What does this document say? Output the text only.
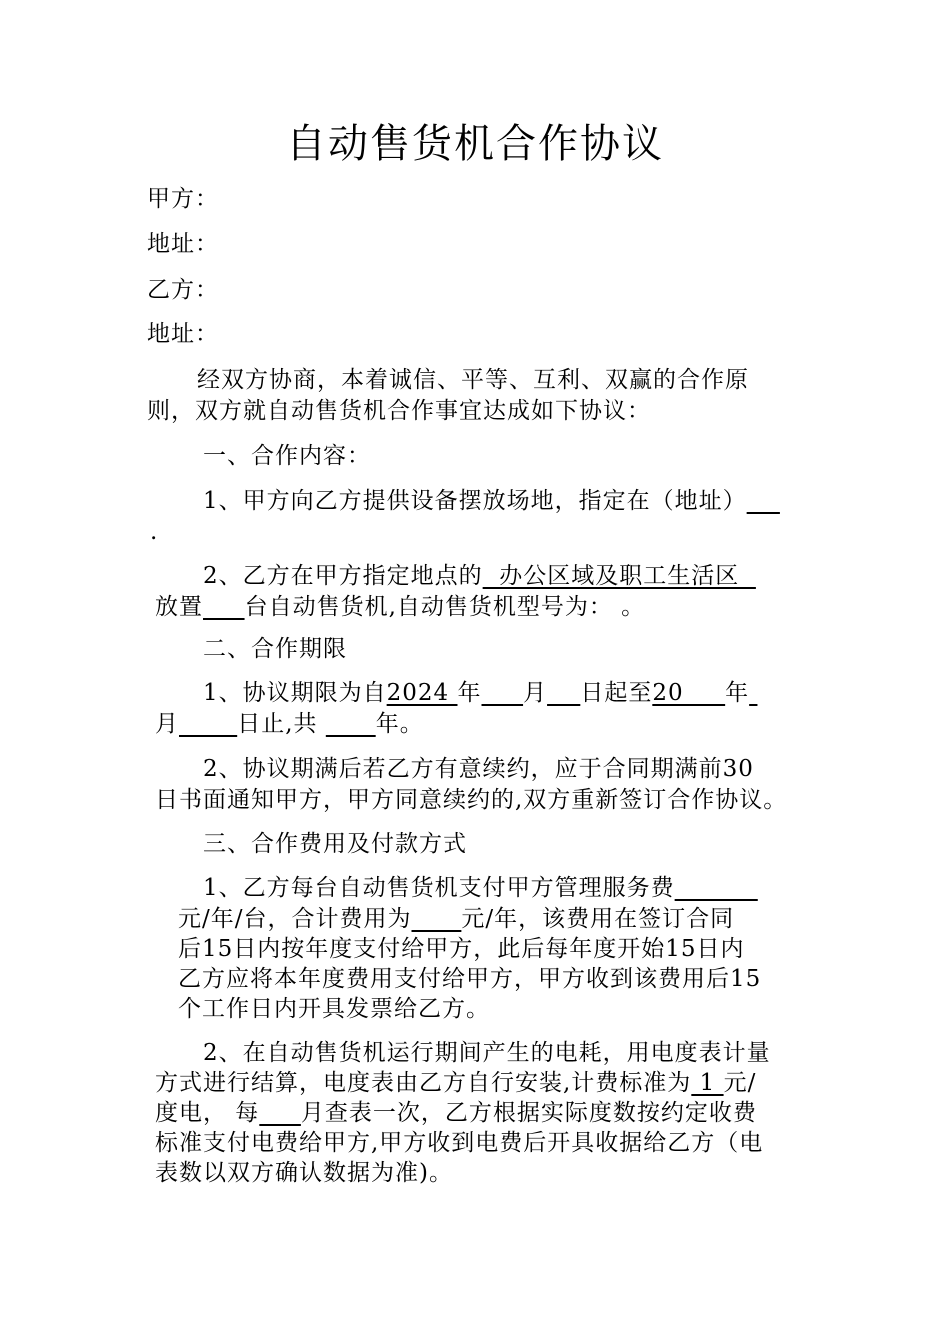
自动售货机合作协议
甲方：
地址：
乙方：
地址：
经双方协商，本着诚信、平等、互利、双赢的合作原
则，双方就自动售货机合作事宜达成如下协议：
一、合作内容：
1、甲方向乙方提供设备摆放场地，指定在（地址）
.
2、乙方在甲方指定地点的  办公区域及职工生活区
放置 台自动售货机,自动售货机型号为： 。
二、合作期限
1、协议期限为自2024 年 月 日起至20     年
月	日止,共       年。
2、协议期满后若乙方有意续约，应于合同期满前30
日书面通知甲方，甲方同意续约的,双方重新签订合作协议。
三、合作费用及付款方式
1、乙方每台自动售货机支付甲方管理服务费
元/年/台，合计费用为 元/年，该费用在签订合同
后15日内按年度支付给甲方，此后每年度开始15日内
乙方应将本年度费用支付给甲方，甲方收到该费用后15
个工作日内开具发票给乙方。
2、在自动售货机运行期间产生的电耗，用电度表计量
方式进行结算，电度表由乙方自行安装,计费标准为 1 元/
度电， 每 月查表一次，乙方根据实际度数按约定收费
标准支付电费给甲方,甲方收到电费后开具收据给乙方（电
表数以双方确认数据为准)。
